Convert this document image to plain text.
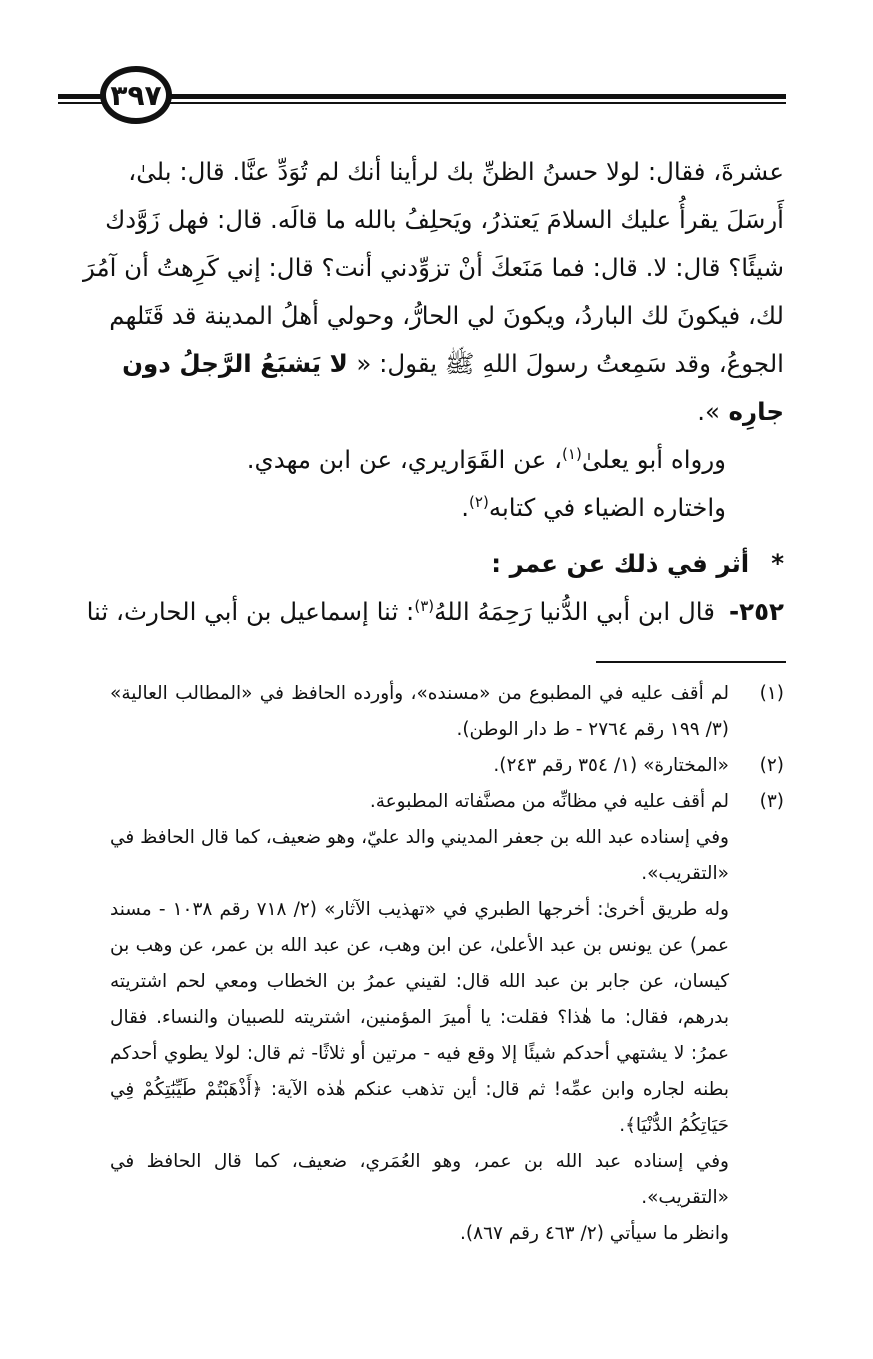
٣٩٧

عشرةَ، فقال: لولا حسنُ الظنِّ بك لرأينا أنك لم تُوَدِّ عنَّا. قال: بلىٰ،

أَرسَلَ يقرأُ عليك السلامَ يَعتذرُ، ويَحلِفُ بالله ما قالَه. قال: فهل زَوَّدك

شيئًا؟ قال: لا. قال: فما مَنَعكَ أنْ تزوِّدني أنت؟ قال: إني كَرِهتُ أن آمُرَ

لك، فيكونَ لك الباردُ، ويكونَ لي الحارُّ، وحولي أهلُ المدينة قد قَتَلهم

الجوعُ، وقد سَمِعتُ رسولَ اللهِ ﷺ يقول: « لا يَشبَعُ الرَّجلُ دون جارِه ».

ورواه أبو يعلىٰ$^{(١)}$، عن القَوَاريري، عن ابن مهدي.

واختاره الضياء في كتابه$^{(٢)}$.

*أثر في ذلك عن عمر :

٢٥٢-قال ابن أبي الدُّنيا رَحِمَهُ اللهُ$^{(٣)}$: ثنا إسماعيل بن أبي الحارث، ثنا

(١)
لم أقف عليه في المطبوع من «مسنده»، وأورده الحافظ في «المطالب العالية» (٣/ ١٩٩ رقم ٢٧٦٤ - ط دار الوطن).

(٢)
«المختارة» (١/ ٣٥٤ رقم ٢٤٣).

(٣)
لم أقف عليه في مظانِّه من مصنَّفاته المطبوعة.

وفي إسناده عبد الله بن جعفر المديني والد عليّ، وهو ضعيف، كما قال الحافظ في «التقريب».

وله طريق أخرىٰ: أخرجها الطبري في «تهذيب الآثار» (٢/ ٧١٨ رقم ١٠٣٨ - مسند عمر) عن يونس بن عبد الأعلىٰ، عن ابن وهب، عن عبد الله بن عمر، عن وهب بن كيسان، عن جابر بن عبد الله قال: لقيني عمرُ بن الخطاب ومعي لحم اشتريته بدرهم، فقال: ما هٰذا؟ فقلت: يا أميرَ المؤمنين، اشتريته للصبيان والنساء. فقال عمرُ: لا يشتهي أحدكم شيئًا إلا وقع فيه - مرتين أو ثلاثًا- ثم قال: لولا يطوي أحدكم بطنه لجاره وابن عمِّه! ثم قال: أين تذهب عنكم هٰذه الآية: ﴿أَذْهَبْتُمْ طَيِّبَٰتِكُمْ فِي حَيَاتِكُمُ الدُّنْيَا﴾.

وفي إسناده عبد الله بن عمر، وهو العُمَري، ضعيف، كما قال الحافظ في «التقريب».

وانظر ما سيأتي (٢/ ٤٦٣ رقم ٨٦٧).
